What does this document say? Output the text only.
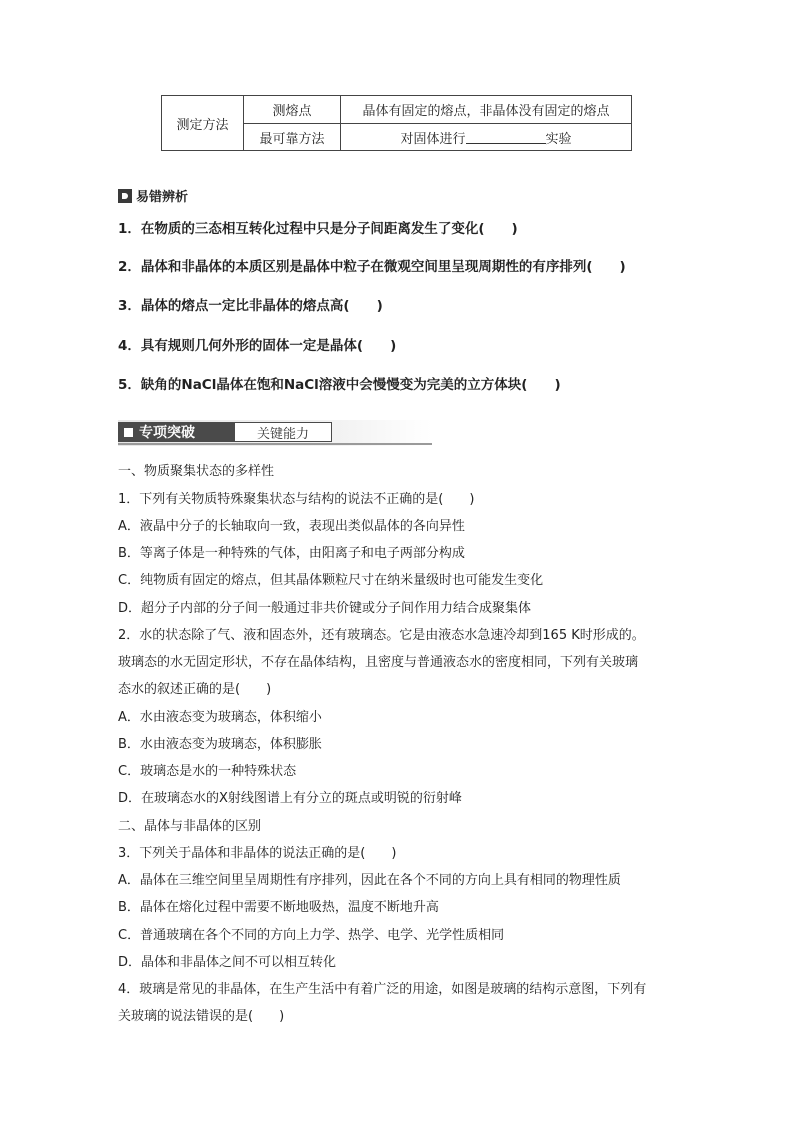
测定方法
测熔点	晶体有固定的熔点，非晶体没有固定的熔点
最可靠方法	对固体进行	实验
易错辨析
1．在物质的三态相互转化过程中只是分子间距离发生了变化(　　)
2．晶体和非晶体的本质区别是晶体中粒子在微观空间里呈现周期性的有序排列(　　)
3．晶体的熔点一定比非晶体的熔点高(　　)
4．具有规则几何外形的固体一定是晶体(　　)
5．缺角的NaCl晶体在饱和NaCl溶液中会慢慢变为完美的立方体块(　　)
专项突破	关键能力
一、物质聚集状态的多样性
1．下列有关物质特殊聚集状态与结构的说法不正确的是(　　)
A．液晶中分子的长轴取向一致，表现出类似晶体的各向异性
B．等离子体是一种特殊的气体，由阳离子和电子两部分构成
C．纯物质有固定的熔点，但其晶体颗粒尺寸在纳米量级时也可能发生变化
D．超分子内部的分子间一般通过非共价键或分子间作用力结合成聚集体
2．水的状态除了气、液和固态外，还有玻璃态。它是由液态水急速冷却到165 K时形成的。
玻璃态的水无固定形状，不存在晶体结构，且密度与普通液态水的密度相同，下列有关玻璃
态水的叙述正确的是(　　)
A．水由液态变为玻璃态，体积缩小
B．水由液态变为玻璃态，体积膨胀
C．玻璃态是水的一种特殊状态
D．在玻璃态水的X射线图谱上有分立的斑点或明锐的衍射峰
二、晶体与非晶体的区别
3．下列关于晶体和非晶体的说法正确的是(　　)
A．晶体在三维空间里呈周期性有序排列，因此在各个不同的方向上具有相同的物理性质
B．晶体在熔化过程中需要不断地吸热，温度不断地升高
C．普通玻璃在各个不同的方向上力学、热学、电学、光学性质相同
D．晶体和非晶体之间不可以相互转化
4．玻璃是常见的非晶体，在生产生活中有着广泛的用途，如图是玻璃的结构示意图，下列有
关玻璃的说法错误的是(　　)
